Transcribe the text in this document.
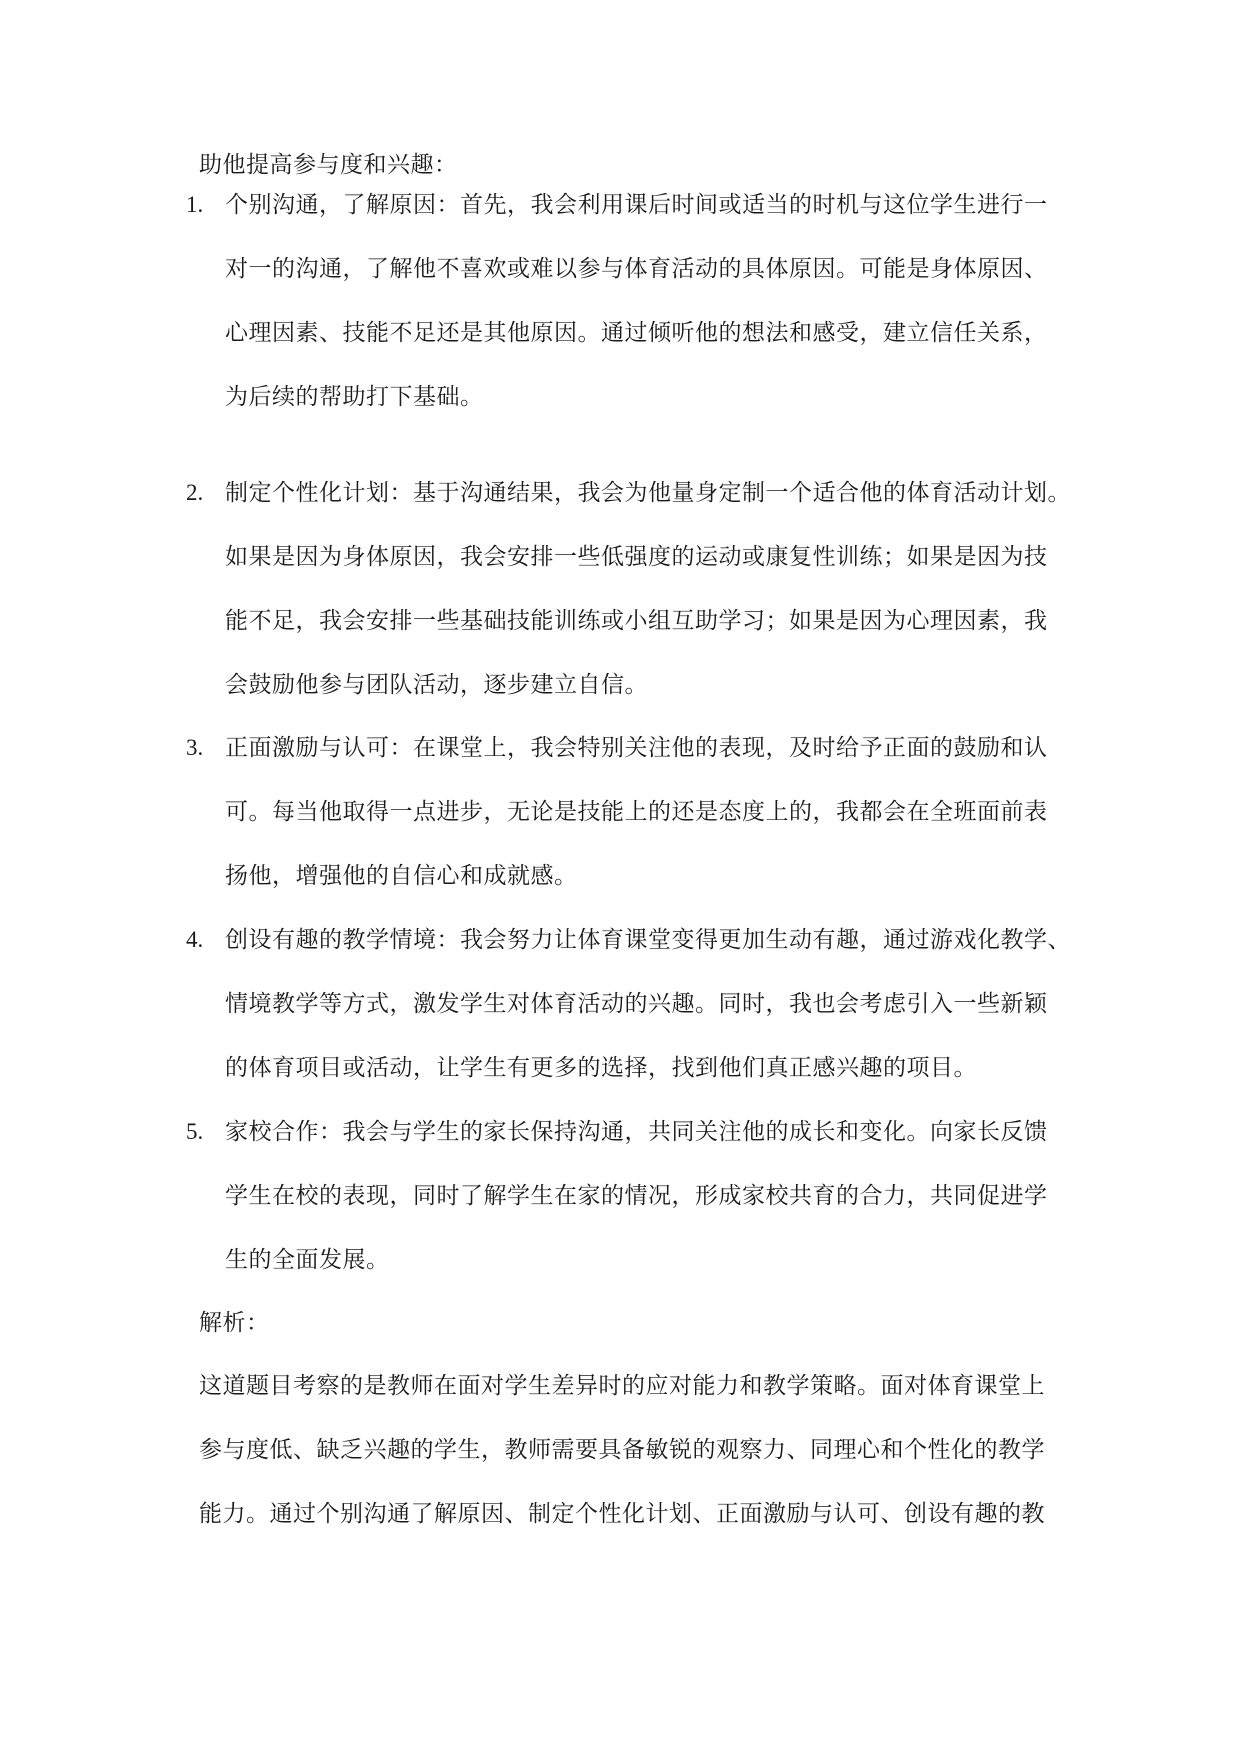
助他提高参与度和兴趣：
1. 个别沟通，了解原因：首先，我会利用课后时间或适当的时机与这位学生进行一
对一的沟通，了解他不喜欢或难以参与体育活动的具体原因。可能是身体原因、
心理因素、技能不足还是其他原因。通过倾听他的想法和感受，建立信任关系，
为后续的帮助打下基础。
2. 制定个性化计划：基于沟通结果，我会为他量身定制一个适合他的体育活动计划。
如果是因为身体原因，我会安排一些低强度的运动或康复性训练；如果是因为技
能不足，我会安排一些基础技能训练或小组互助学习；如果是因为心理因素，我
会鼓励他参与团队活动，逐步建立自信。
3. 正面激励与认可：在课堂上，我会特别关注他的表现，及时给予正面的鼓励和认
可。每当他取得一点进步，无论是技能上的还是态度上的，我都会在全班面前表
扬他，增强他的自信心和成就感。
4. 创设有趣的教学情境：我会努力让体育课堂变得更加生动有趣，通过游戏化教学、
情境教学等方式，激发学生对体育活动的兴趣。同时，我也会考虑引入一些新颖
的体育项目或活动，让学生有更多的选择，找到他们真正感兴趣的项目。
5. 家校合作：我会与学生的家长保持沟通，共同关注他的成长和变化。向家长反馈
学生在校的表现，同时了解学生在家的情况，形成家校共育的合力，共同促进学
生的全面发展。
解析：
这道题目考察的是教师在面对学生差异时的应对能力和教学策略。面对体育课堂上
参与度低、缺乏兴趣的学生，教师需要具备敏锐的观察力、同理心和个性化的教学
能力。通过个别沟通了解原因、制定个性化计划、正面激励与认可、创设有趣的教
